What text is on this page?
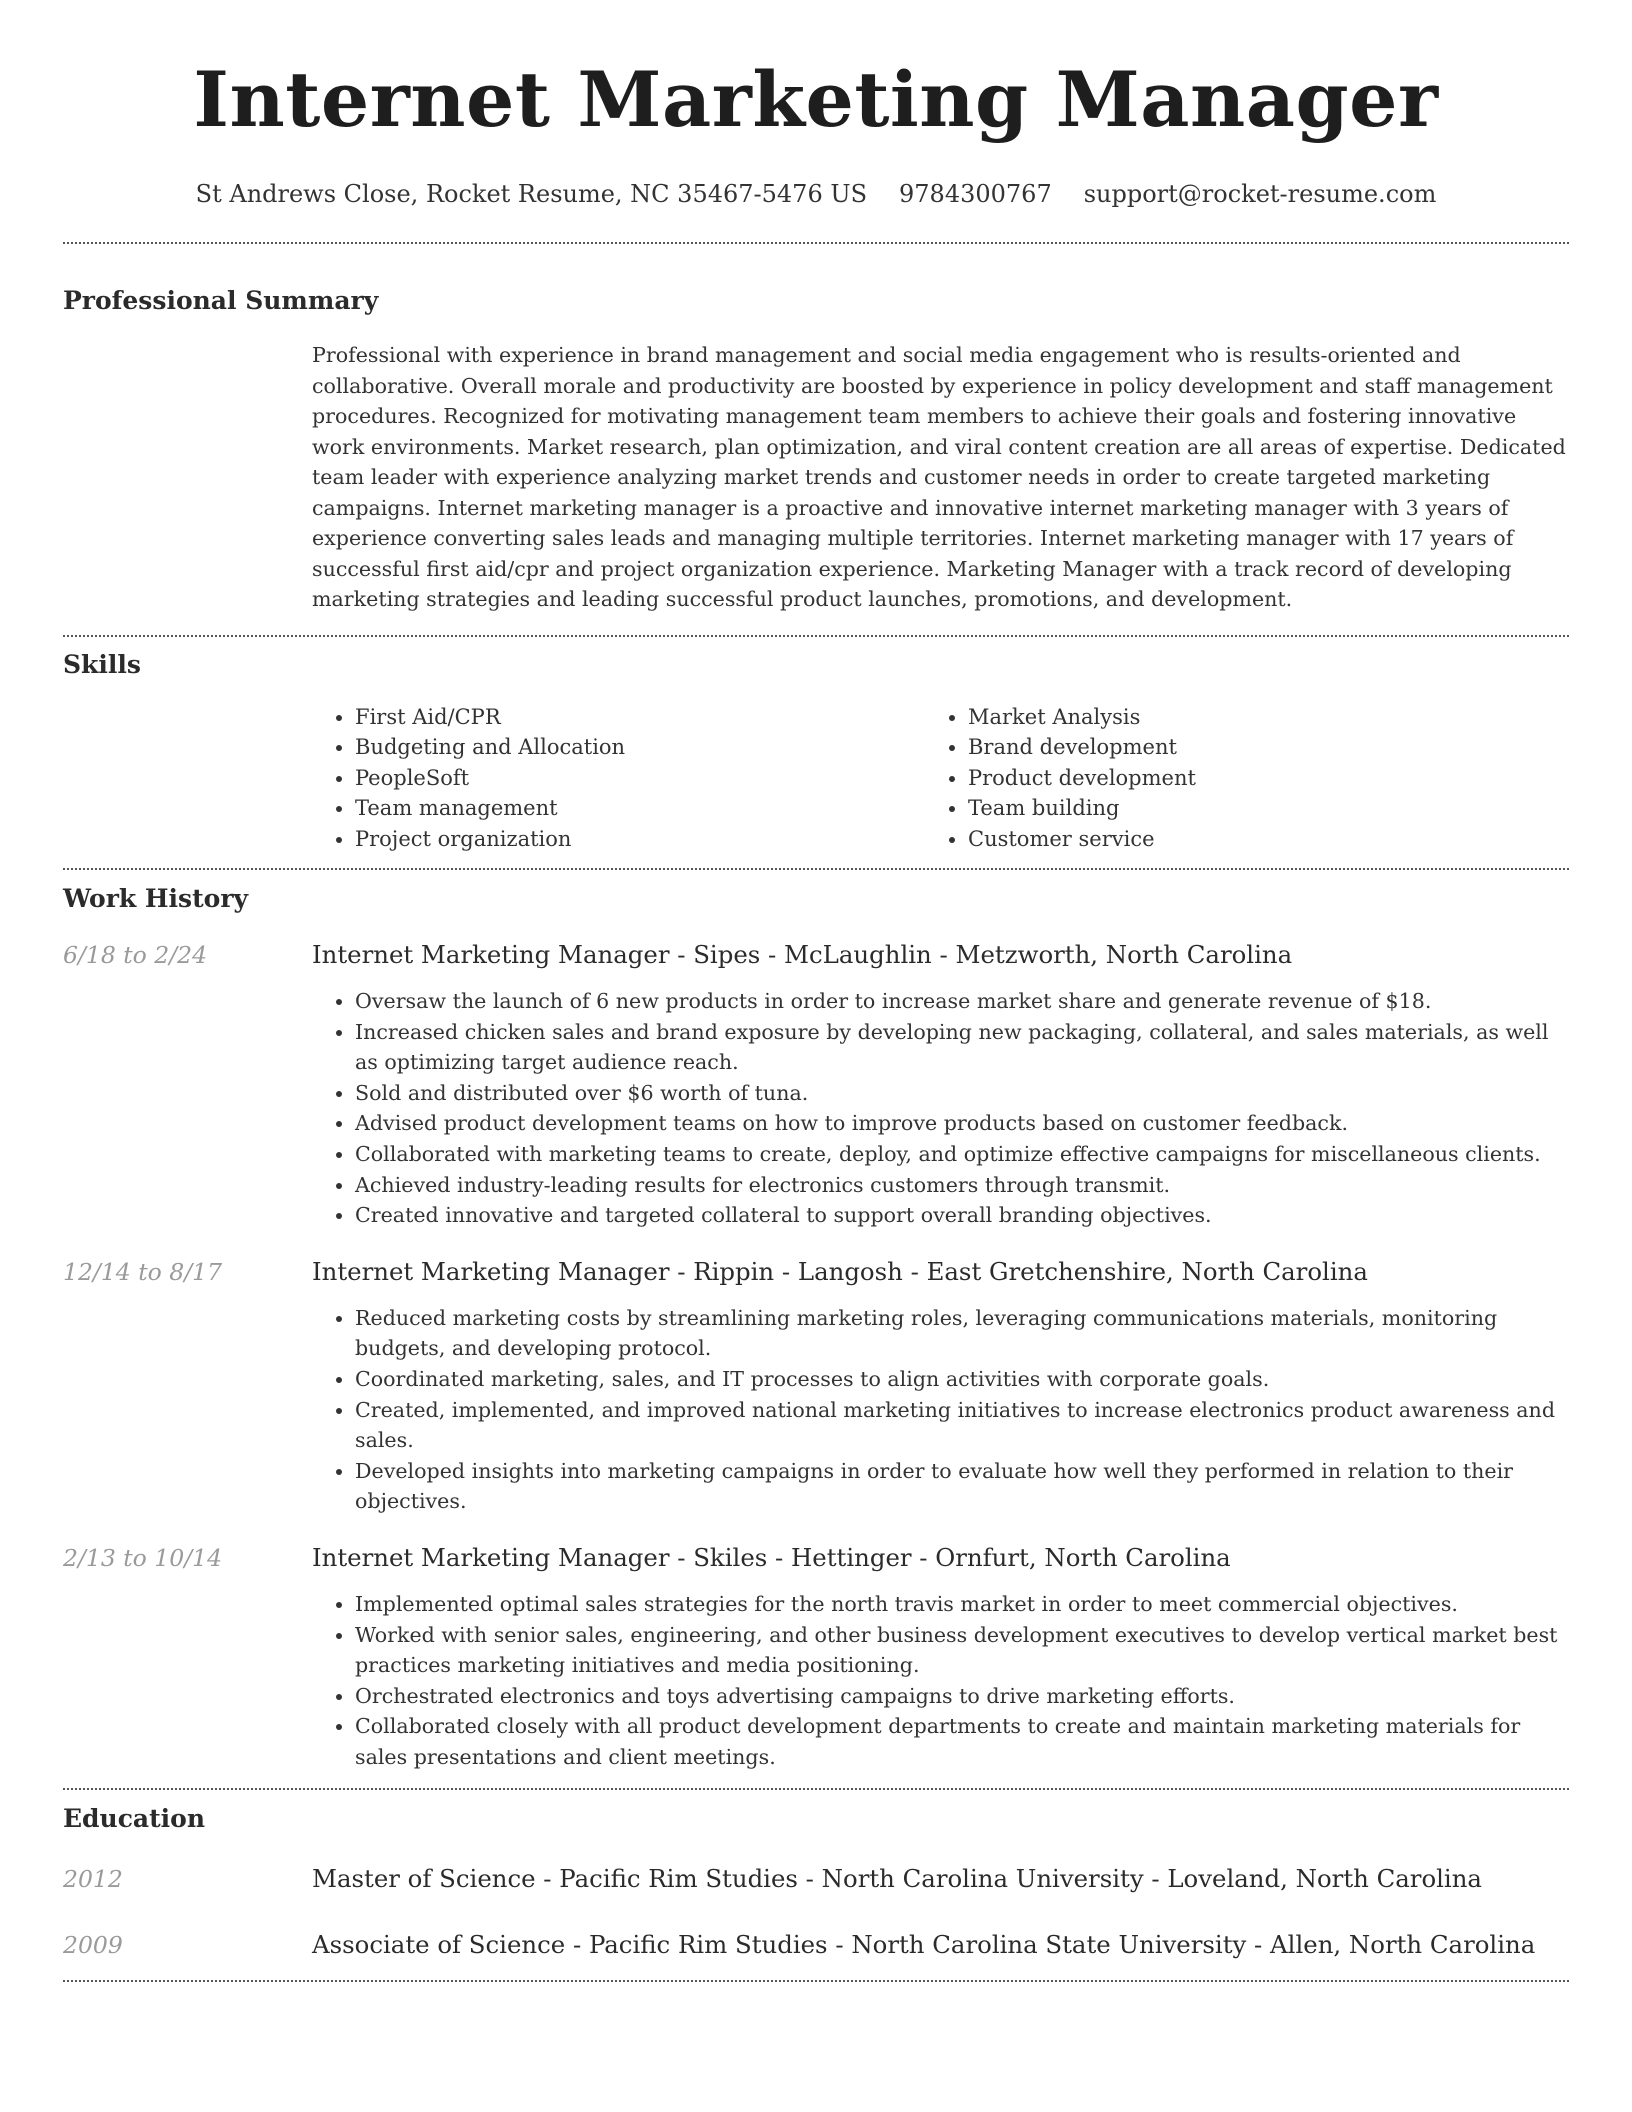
Internet Marketing Manager
St Andrews Close, Rocket Resume, NC 35467-5476 US 9784300767 support@rocket-resume.com
Professional Summary

Professional with experience in brand management and social media engagement who is results-oriented and collaborative. Overall morale and productivity are boosted by experience in policy development and staff management procedures. Recognized for motivating management team members to achieve their goals and fostering innovative work environments. Market research, plan optimization, and viral content creation are all areas of expertise. Dedicated team leader with experience analyzing market trends and customer needs in order to create targeted marketing campaigns. Internet marketing manager is a proactive and innovative internet marketing manager with 3 years of experience converting sales leads and managing multiple territories. Internet marketing manager with 17 years of successful first aid/cpr and project organization experience. Marketing Manager with a track record of developing marketing strategies and leading successful product launches, promotions, and development.

Skills
• First Aid/CPR
• Budgeting and Allocation
• PeopleSoft
• Team management
• Project organization
• Market Analysis
• Brand development
• Product development
• Team building
• Customer service
Work History
6/18 to 2/24	Internet Marketing Manager - Sipes - McLaughlin - Metzworth, North Carolina
• Oversaw the launch of 6 new products in order to increase market share and generate revenue of $18.
• Increased chicken sales and brand exposure by developing new packaging, collateral, and sales materials, as well as optimizing target audience reach.
• Sold and distributed over $6 worth of tuna.
• Advised product development teams on how to improve products based on customer feedback.
• Collaborated with marketing teams to create, deploy, and optimize effective campaigns for miscellaneous clients.
• Achieved industry-leading results for electronics customers through transmit.
• Created innovative and targeted collateral to support overall branding objectives.
12/14 to 8/17	Internet Marketing Manager - Rippin - Langosh - East Gretchenshire, North Carolina
• Reduced marketing costs by streamlining marketing roles, leveraging communications materials, monitoring budgets, and developing protocol.
• Coordinated marketing, sales, and IT processes to align activities with corporate goals.
• Created, implemented, and improved national marketing initiatives to increase electronics product awareness and sales.
• Developed insights into marketing campaigns in order to evaluate how well they performed in relation to their objectives.
2/13 to 10/14	Internet Marketing Manager - Skiles - Hettinger - Ornfurt, North Carolina
• Implemented optimal sales strategies for the north travis market in order to meet commercial objectives.
• Worked with senior sales, engineering, and other business development executives to develop vertical market best practices marketing initiatives and media positioning.
• Orchestrated electronics and toys advertising campaigns to drive marketing efforts.
• Collaborated closely with all product development departments to create and maintain marketing materials for sales presentations and client meetings.
Education
2012	Master of Science - Pacific Rim Studies - North Carolina University - Loveland, North Carolina
2009	Associate of Science - Pacific Rim Studies - North Carolina State University - Allen, North Carolina
